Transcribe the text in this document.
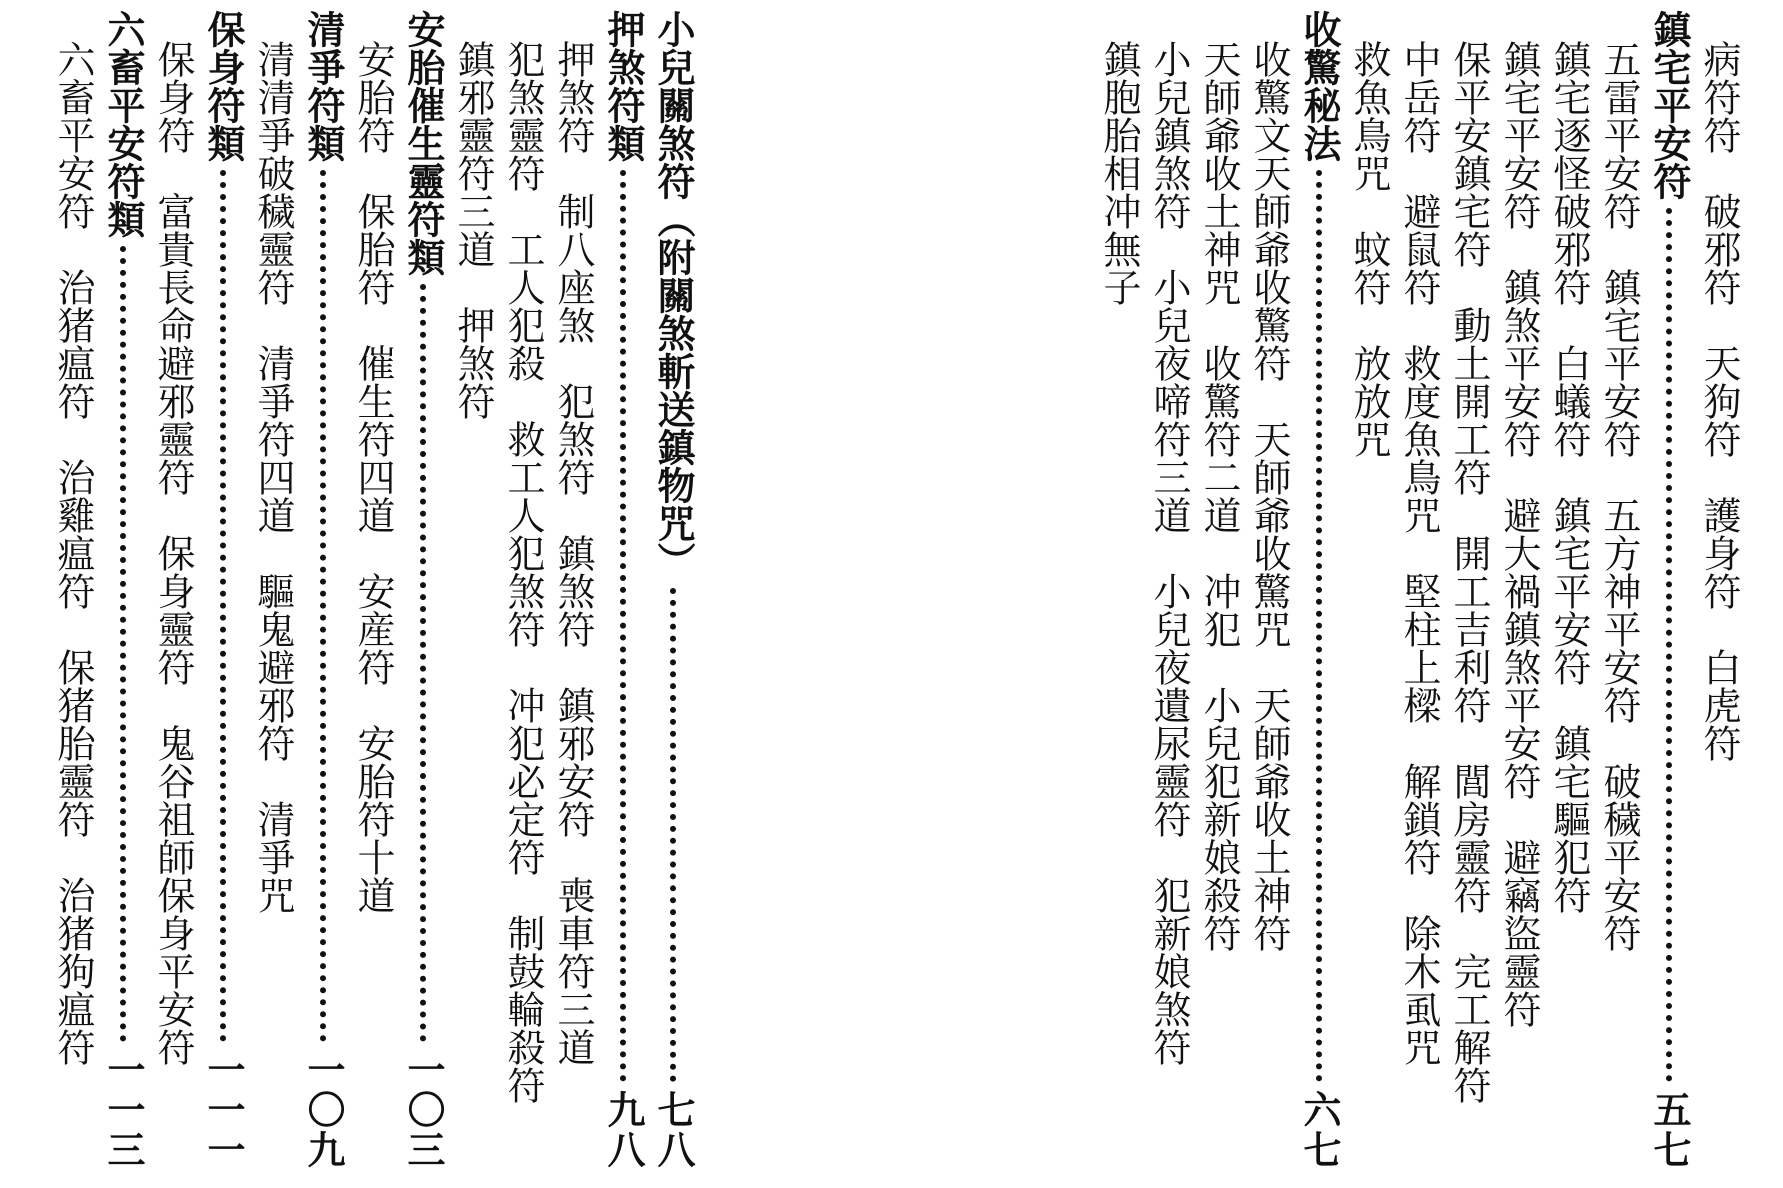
小兒關煞符（附關煞斬送鎮物咒）
七八
押煞符類
九八
押煞符　制八座煞　犯煞符　鎮煞符　鎮邪安符　喪車符三道
犯煞靈符　工人犯殺　救工人犯煞符　冲犯必定符　制鼓輪殺符
鎮邪靈符三道　押煞符
安胎催生靈符類
一〇三
安胎符　保胎符　催生符四道　安産符　安胎符十道
清爭符類
一〇九
清清爭破穢靈符　清爭符四道　驅鬼避邪符　清爭咒
保身符類
一一一
保身符　富貴長命避邪靈符　保身靈符　鬼谷祖師保身平安符
六畜平安符類
一一三
六畜平安符　治猪瘟符　治雞瘟符　保猪胎靈符　治猪狗瘟符	病符符　破邪符　天狗符　護身符　白虎符
鎮宅平安符
五七
五雷平安符　鎮宅平安符　五方神平安符　破穢平安符
鎮宅逐怪破邪符　白蟻符　鎮宅平安符　鎮宅驅犯符
鎮宅平安符　鎮煞平安符　避大禍鎮煞平安符　避竊盜靈符
保平安鎮宅符　動土開工符　開工吉利符　閭房靈符　完工解符
中岳符　避鼠符　救度魚鳥咒　堅柱上樑　解鎖符　除木虱咒
救魚鳥咒　蚊符　放放咒
收驚秘法
六七
收驚文天師爺收驚符　天師爺收驚咒　天師爺收土神符
天師爺收土神咒　收驚符二道　冲犯　小兒犯新娘殺符
小兒鎮煞符　小兒夜啼符三道　小兒夜遺尿靈符　犯新娘煞符
鎮胞胎相冲無子
